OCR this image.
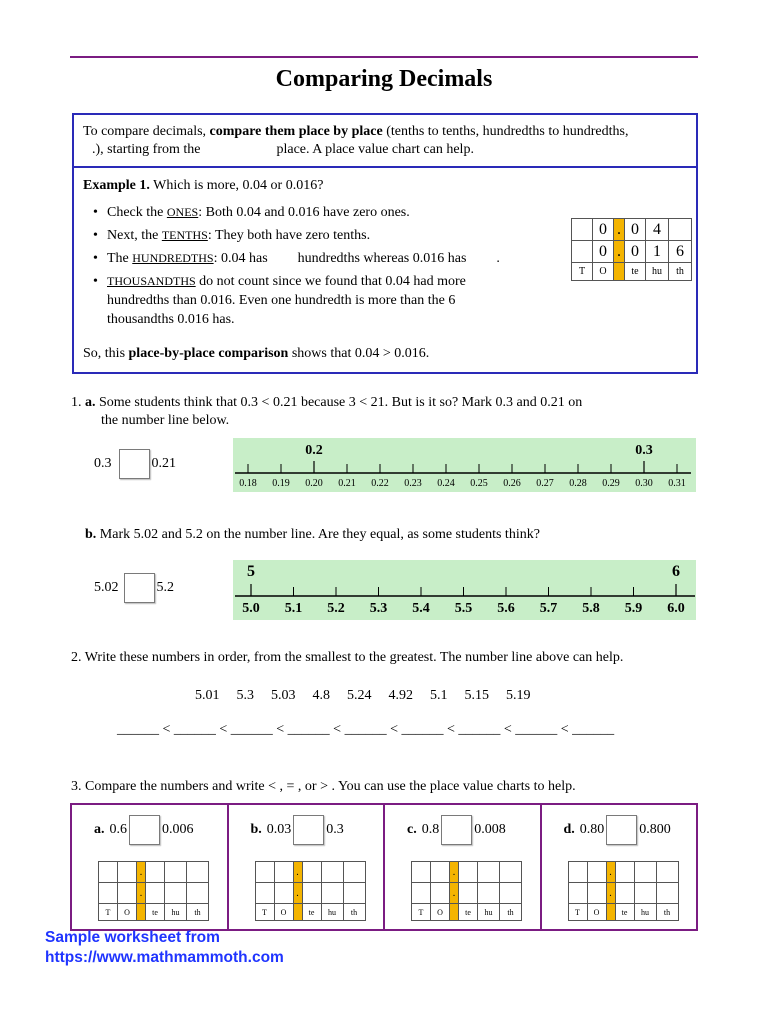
Comparing Decimals
To compare decimals, compare them place by place (tenths to tenths, hundredths to hundredths,
.), starting from the	place. A place value chart can help.
Example 1. Which is more, 0.04 or 0.016?
• Check the ONES: Both 0.04 and 0.016 have zero ones.
• Next, the TENTHS: They both have zero tenths.
• The HUNDREDTHS: 0.04 has hundredths whereas 0.016 has .
• THOUSANDTHS do not count since we found that 0.04 had more hundredths than 0.016. Even one hundredth is more than the 6 thousandths 0.016 has.
So, this place-by-place comparison shows that 0.04 > 0.016.
	0	.	0	4	
	0	.	0	1	6
T	O		te	hu	th
1. a. Some students think that 0.3 < 0.21 because 3 < 21. But is it so? Mark 0.3 and 0.21 on
the number line below.
0.3	0.21
0.18 0.19 0.20 0.21 0.22 0.23 0.24 0.25 0.26 0.27 0.28 0.29 0.30 0.31
0.2	0.3
b. Mark 5.02 and 5.2 on the number line. Are they equal, as some students think?
5.02	5.2
5.0 5.1 5.2 5.3 5.4 5.5 5.6 5.7 5.8 5.9 6.0
5	6
2. Write these numbers in order, from the smallest to the greatest. The number line above can help.
5.01 5.3 5.03 4.8 5.24 4.92 5.1 5.15 5.19
______ < ______ < ______ < ______ < ______ < ______ < ______ < ______ < ______
3. Compare the numbers and write < , = , or > . You can use the place value charts to help.
a. 0.6	0.006
		.			
		.			
T	O		te	hu	th
b. 0.03	0.3
		.			
		.			
T	O		te	hu	th
c. 0.8	0.008
		.			
		.			
T	O		te	hu	th
d. 0.80	0.800
		.			
		.			
T	O		te	hu	th
Sample worksheet from
https://www.mathmammoth.com
